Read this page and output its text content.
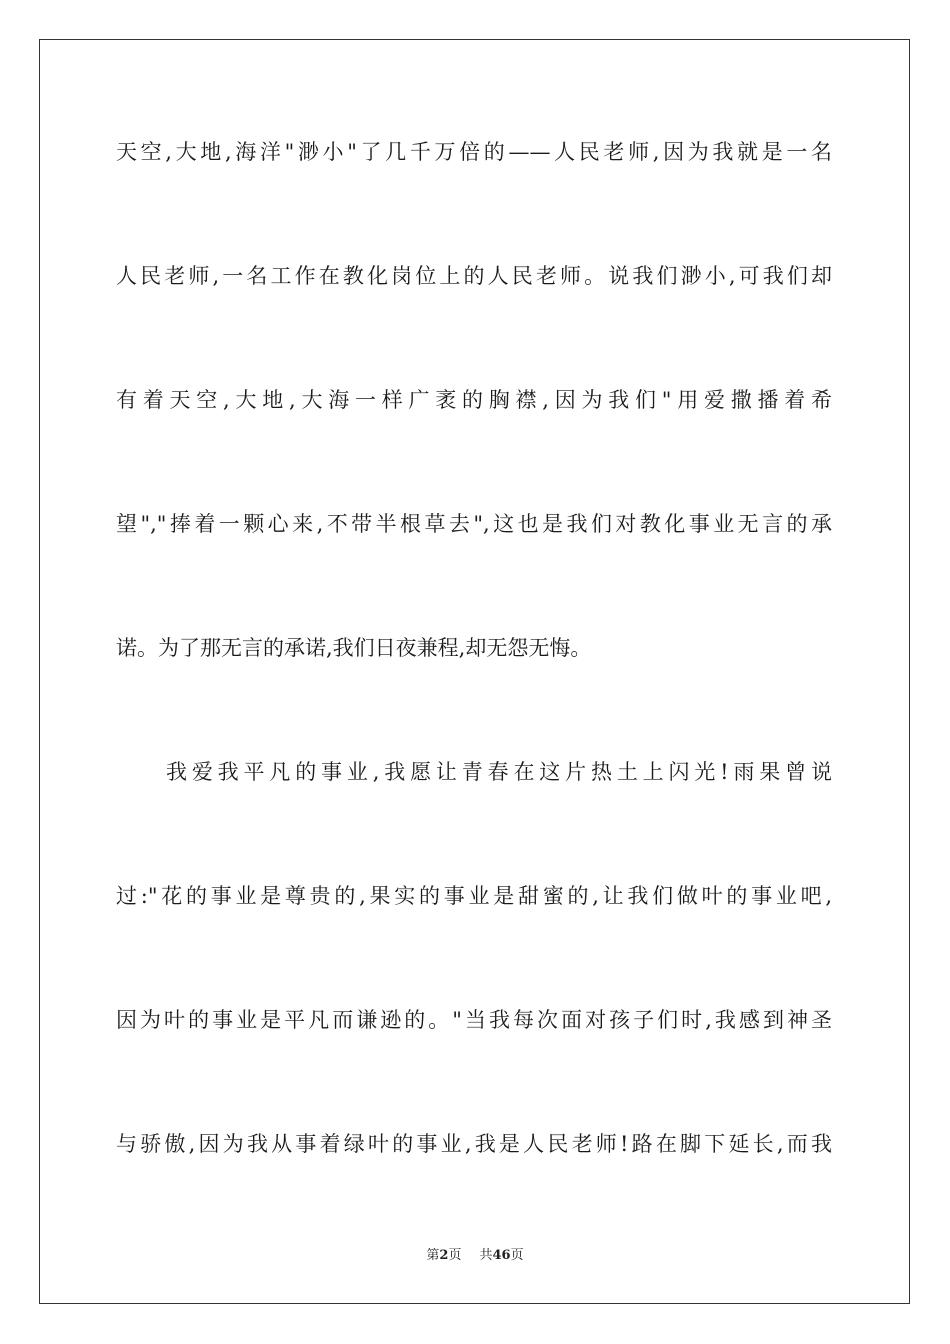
天空,大地,海洋"渺小"了几千万倍的——人民老师,因为我就是一名
人民老师,一名工作在教化岗位上的人民老师。说我们渺小,可我们却
有着天空,大地,大海一样广袤的胸襟,因为我们"用爱撒播着希
望","捧着一颗心来,不带半根草去",这也是我们对教化事业无言的承
诺。为了那无言的承诺,我们日夜兼程,却无怨无悔。
我爱我平凡的事业,我愿让青春在这片热土上闪光!雨果曾说
过:"花的事业是尊贵的,果实的事业是甜蜜的,让我们做叶的事业吧,
因为叶的事业是平凡而谦逊的。"当我每次面对孩子们时,我感到神圣
与骄傲,因为我从事着绿叶的事业,我是人民老师!路在脚下延长,而我
第2页 共46页
